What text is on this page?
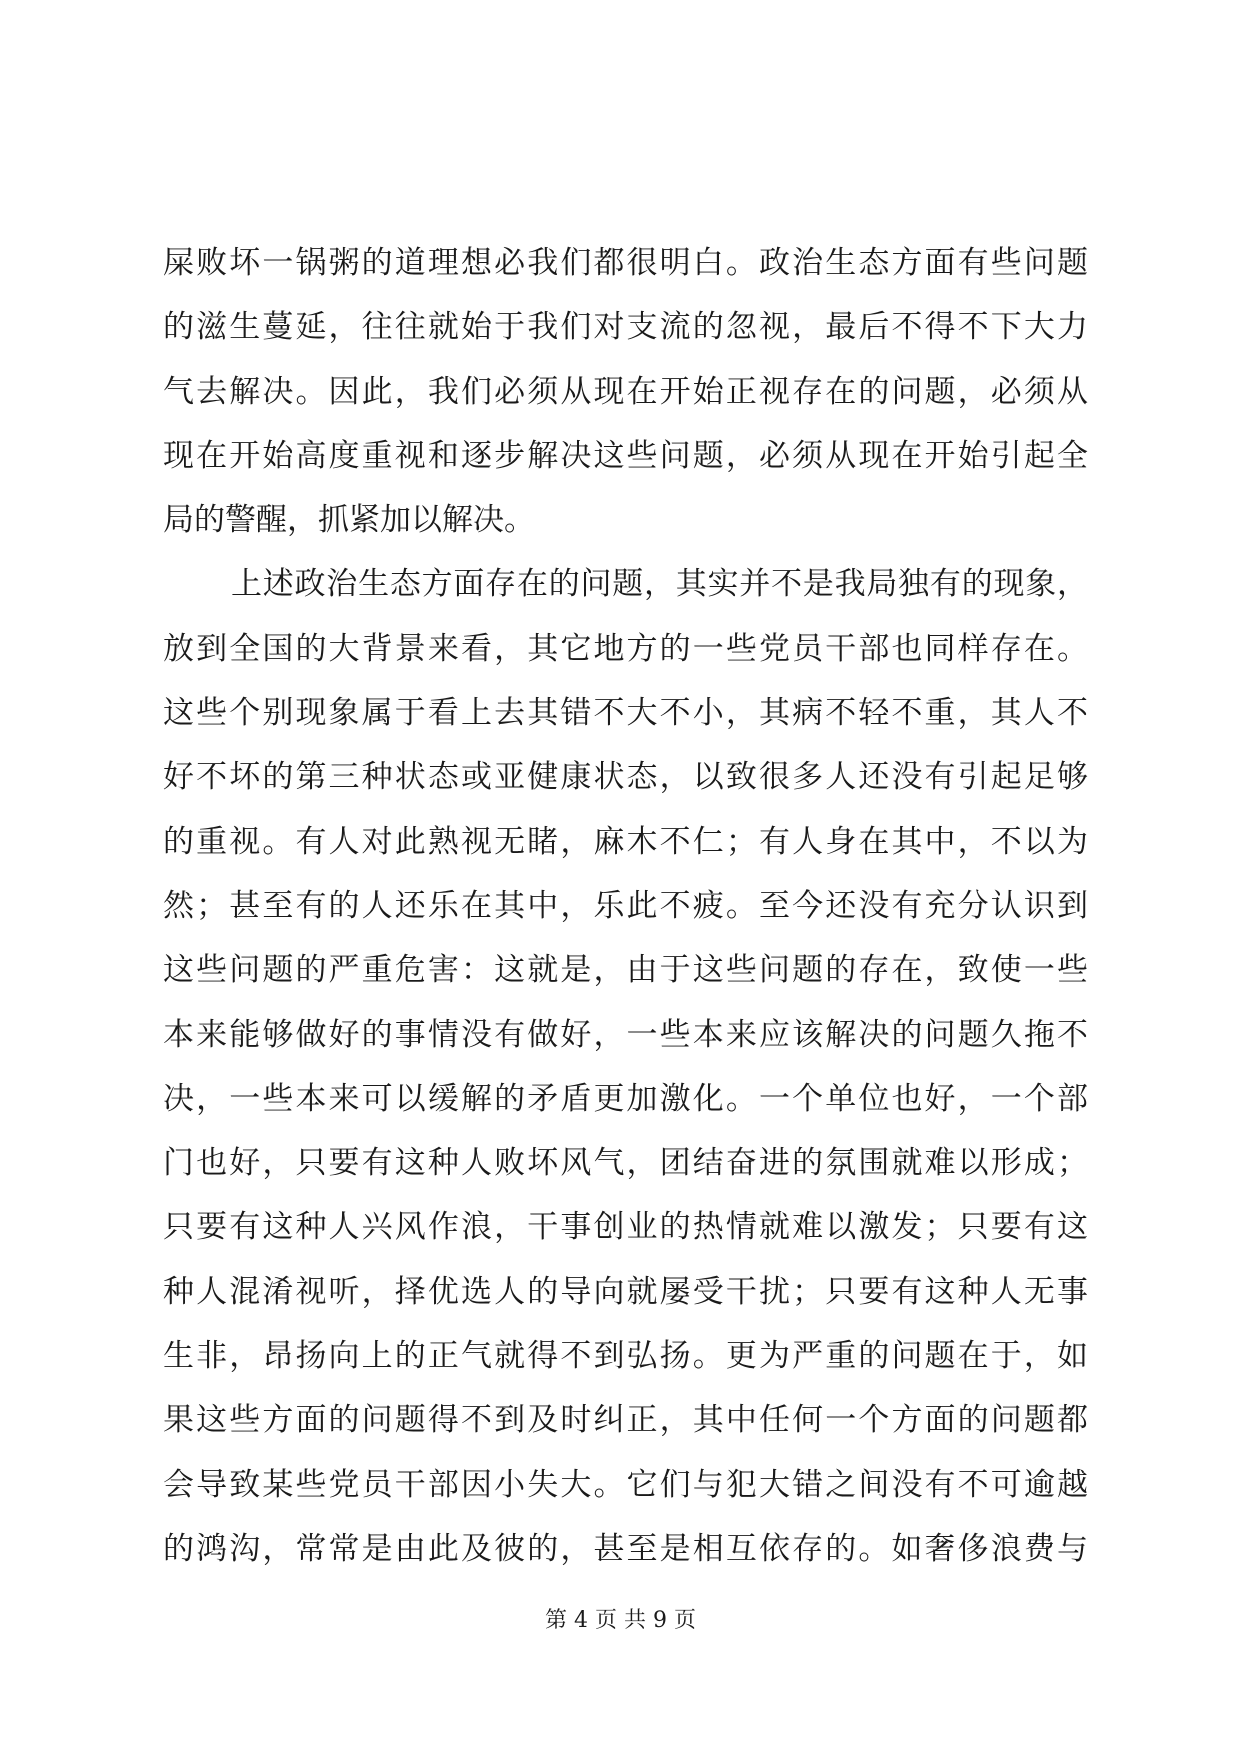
屎败坏一锅粥的道理想必我们都很明白。政治生态方面有些问题
的滋生蔓延，往往就始于我们对支流的忽视，最后不得不下大力
气去解决。因此，我们必须从现在开始正视存在的问题，必须从
现在开始高度重视和逐步解决这些问题，必须从现在开始引起全
局的警醒，抓紧加以解决。
上述政治生态方面存在的问题，其实并不是我局独有的现象，
放到全国的大背景来看，其它地方的一些党员干部也同样存在。
这些个别现象属于看上去其错不大不小，其病不轻不重，其人不
好不坏的第三种状态或亚健康状态，以致很多人还没有引起足够
的重视。有人对此熟视无睹，麻木不仁；有人身在其中，不以为
然；甚至有的人还乐在其中，乐此不疲。至今还没有充分认识到
这些问题的严重危害：这就是，由于这些问题的存在，致使一些
本来能够做好的事情没有做好，一些本来应该解决的问题久拖不
决，一些本来可以缓解的矛盾更加激化。一个单位也好，一个部
门也好，只要有这种人败坏风气，团结奋进的氛围就难以形成；
只要有这种人兴风作浪，干事创业的热情就难以激发；只要有这
种人混淆视听，择优选人的导向就屡受干扰；只要有这种人无事
生非，昂扬向上的正气就得不到弘扬。更为严重的问题在于，如
果这些方面的问题得不到及时纠正，其中任何一个方面的问题都
会导致某些党员干部因小失大。它们与犯大错之间没有不可逾越
的鸿沟，常常是由此及彼的，甚至是相互依存的。如奢侈浪费与
第 4 页 共 9 页
